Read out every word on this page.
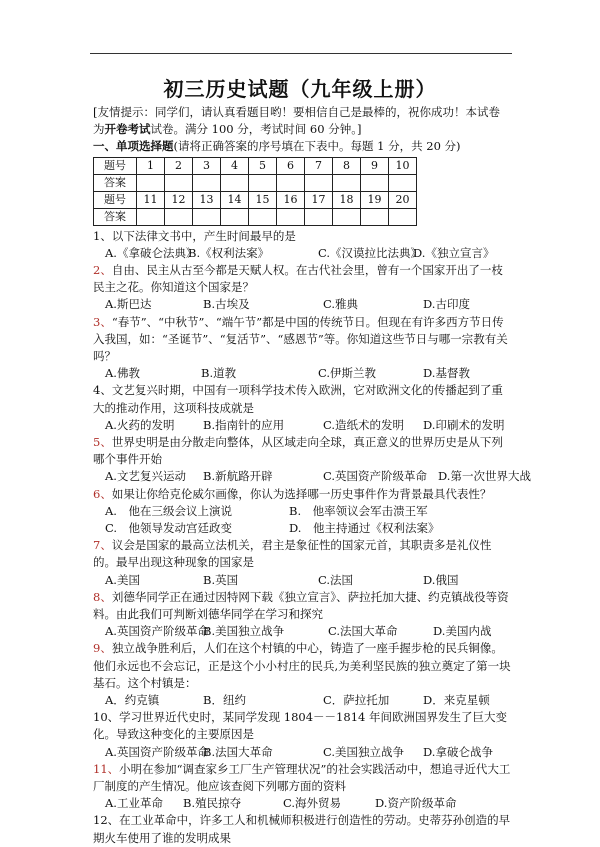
初三历史试题（九年级上册）

[友情提示：同学们，请认真看题目哟！要相信自己是最棒的，祝你成功！本试卷为开卷考试试卷。满分 100 分，考试时间 60 分钟。]

一、单项选择题(请将正确答案的序号填在下表中。每题 1 分，共 20 分)

题号	1	2	3	4	5	6	7	8	9	10
答案										
题号	11	12	13	14	15	16	17	18	19	20
答案										

1、以下法律文书中，产生时间最早的是

A.《拿破仑法典》
B.《权利法案》	C.《汉谟拉比法典》
D.《独立宣言》

2、自由、民主从古至今都是天赋人权。在古代社会里，曾有一个国家开出了一枝民主之花。你知道这个国家是？

A.斯巴达	B.古埃及	C.雅典	D.古印度

3、“春节”、“中秋节”、“端午节”都是中国的传统节日。但现在有许多西方节日传入我国，如：“圣诞节”、“复活节”、“感恩节”等。你知道这些节日与哪一宗教有关吗？

A.佛教	B.道教	C.伊斯兰教	D.基督教

4、文艺复兴时期，中国有一项科学技术传入欧洲，它对欧洲文化的传播起到了重大的推动作用，这项科技成就是

A.火药的发明 B.指南针的应用	C.造纸术的发明 D.印刷术的发明

5、世界史明是由分散走向整体，从区域走向全球，真正意义的世界历史是从下列哪个事件开始

A.文艺复兴运动 B.新航路开辟	C.英国资产阶级革命 D.第一次世界大战

6、如果让你给克伦威尔画像，你认为选择哪一历史事件作为背景最具代表性？

A.　他在三级会议上演说	B.　他率领议会军击溃王军
C.　他领导发动宫廷政变	D.　他主持通过《权利法案》

7、议会是国家的最高立法机关，君主是象征性的国家元首，其职责多是礼仪性的。最早出现这种现象的国家是

A.美国	B.英国	C.法国	D.俄国

8、刘德华同学正在通过因特网下载《独立宣言》、萨拉托加大捷、约克镇战役等资料。由此我们可判断刘德华同学在学习和探究

A.英国资产阶级革命
B.美国独立战争	C.法国大革命	D.美国内战

9、独立战争胜利后，人们在这个村镇的中心，铸造了一座手握步枪的民兵铜像。他们永远也不会忘记，正是这个小小村庄的民兵,为美利坚民族的独立奠定了第一块基石。这个村镇是：

A．约克镇	B．纽约	C．萨拉托加	D．来克星顿

10、学习世界近代史时，某同学发现 1804－－1814 年间欧洲国界发生了巨大变化。导致这种变化的主要原因是

A.英国资产阶级革命
B.法国大革命	C.美国独立战争 D.拿破仑战争

11、小明在参加“调查家乡工厂生产管理状况”的社会实践活动中，想追寻近代大工厂制度的产生情况。他应该查阅下列哪方面的资料

A.工业革命 B.殖民掠夺	C.海外贸易	D.资产阶级革命

12、在工业革命中，许多工人和机械师积极进行创造性的劳动。史蒂芬孙创造的早期火车使用了谁的发明成果
